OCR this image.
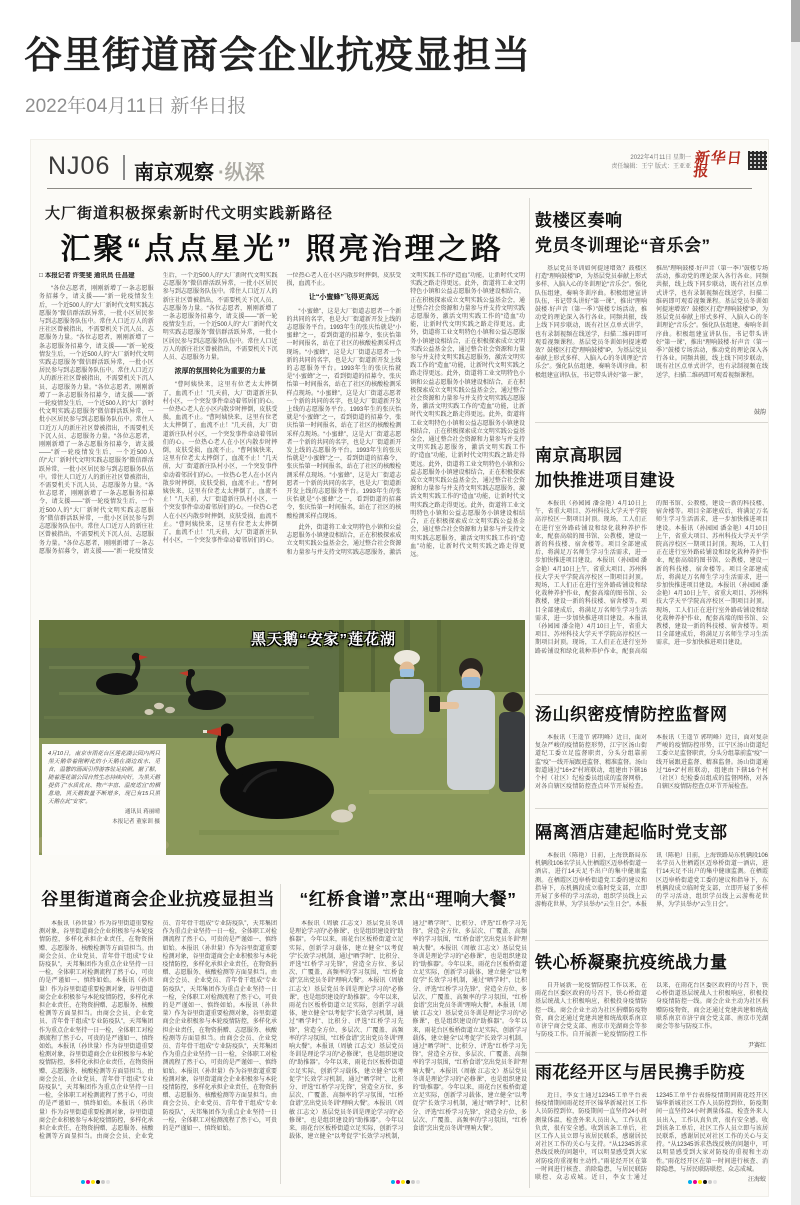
谷里街道商会企业抗疫显担当
2022年04月11日 新华日报
NJ06 南京观察 ·纵深
2022年4月11日 星期一
责任编辑：王宁 版式：王亚亚 新华日报
大厂街道积极探索新时代文明实践新路径
汇聚“点点星光” 照亮治理之路
□ 本报记者 许雯斐 通讯员 任昌建

“各位志愿者，刚刚新增了一条志愿服务招募令，请支援——”新一轮疫情发生后，一个近500人的“大厂新时代文明实践志愿服务”微信群活跃异常，一批小区居民参与到志愿服务队伍中。常住人口近万人的新庄社区曾被指出，不需要机关下沉人员、志愿服务力量。“各位志愿者，刚刚新增了一条志愿服务招募令，请支援——”新一轮疫情发生后，一个近500人的“大厂新时代文明实践志愿服务”微信群活跃异常，一批小区居民参与到志愿服务队伍中。常住人口近万人的新庄社区曾被指出，不需要机关下沉人员、志愿服务力量。“各位志愿者，刚刚新增了一条志愿服务招募令，请支援——”新一轮疫情发生后，一个近500人的“大厂新时代文明实践志愿服务”微信群活跃异常，一批小区居民参与到志愿服务队伍中。常住人口近万人的新庄社区曾被指出，不需要机关下沉人员、志愿服务力量。“各位志愿者，刚刚新增了一条志愿服务招募令，请支援——”新一轮疫情发生后，一个近500人的“大厂新时代文明实践志愿服务”微信群活跃异常，一批小区居民参与到志愿服务队伍中。常住人口近万人的新庄社区曾被指出，不需要机关下沉人员、志愿服务力量。“各位志愿者，刚刚新增了一条志愿服务招募令，请支援——”新一轮疫情发生后，一个近500人的“大厂新时代文明实践志愿服务”微信群活跃异常，一批小区居民参与到志愿服务队伍中。常住人口近万人的新庄社区曾被指出，不需要机关下沉人员、志愿服务力量。“各位志愿者，刚刚新增了一条志愿服务招募令，请支援——”新一轮疫情发生后，一个近500人的“大厂新时代文明实践志愿服务”微信群活跃异常，一批小区居民参与到志愿服务队伍中。常住人口近万人的新庄社区曾被指出，不需要机关下沉人员、志愿服务力量。“各位志愿者，刚刚新增了一条志愿服务招募令，请支援——”新一轮疫情发生后，一个近500人的“大厂新时代文明实践志愿服务”微信群活跃异常，一批小区居民参与到志愿服务队伍中。常住人口近万人的新庄社区曾被指出，不需要机关下沉人员、志愿服务力量。

浓厚的氛围转化为重要的力量

“曹阿姨快来，这里有位老太太摔倒了，血流不止！”几天前，大厂街道新庄队村小区，一个突发事件牵动着邻居们的心。一位热心老人在小区内散步时摔倒，皮肤受损，血流不止。“曹阿姨快来，这里有位老太太摔倒了，血流不止！”几天前，大厂街道新庄队村小区，一个突发事件牵动着邻居们的心。一位热心老人在小区内散步时摔倒，皮肤受损，血流不止。“曹阿姨快来，这里有位老太太摔倒了，血流不止！”几天前，大厂街道新庄队村小区，一个突发事件牵动着邻居们的心。一位热心老人在小区内散步时摔倒，皮肤受损，血流不止。“曹阿姨快来，这里有位老太太摔倒了，血流不止！”几天前，大厂街道新庄队村小区，一个突发事件牵动着邻居们的心。一位热心老人在小区内散步时摔倒，皮肤受损，血流不止。“曹阿姨快来，这里有位老太太摔倒了，血流不止！”几天前，大厂街道新庄队村小区，一个突发事件牵动着邻居们的心。一位热心老人在小区内散步时摔倒，皮肤受损，血流不止。

让“小蜜蜂”飞得更高远

“小蜜蜂”，这是大厂街道志愿者一个新的共同的名字，也是大厂街道新开发上线的志愿服务平台。1993年生的张庆怡就是“小蜜蜂”之一，看到街道的招募令，张庆怡第一时间报名，站在了社区的核酸检测采样点现场。“小蜜蜂”，这是大厂街道志愿者一个新的共同的名字，也是大厂街道新开发上线的志愿服务平台。1993年生的张庆怡就是“小蜜蜂”之一，看到街道的招募令，张庆怡第一时间报名，站在了社区的核酸检测采样点现场。“小蜜蜂”，这是大厂街道志愿者一个新的共同的名字，也是大厂街道新开发上线的志愿服务平台。1993年生的张庆怡就是“小蜜蜂”之一，看到街道的招募令，张庆怡第一时间报名，站在了社区的核酸检测采样点现场。“小蜜蜂”，这是大厂街道志愿者一个新的共同的名字，也是大厂街道新开发上线的志愿服务平台。1993年生的张庆怡就是“小蜜蜂”之一，看到街道的招募令，张庆怡第一时间报名，站在了社区的核酸检测采样点现场。“小蜜蜂”，这是大厂街道志愿者一个新的共同的名字，也是大厂街道新开发上线的志愿服务平台。1993年生的张庆怡就是“小蜜蜂”之一，看到街道的招募令，张庆怡第一时间报名，站在了社区的核酸检测采样点现场。

此外，街道将工业文明特色小镇和公益志愿服务小镇建设相结合，正在积极探索成立文明实践公益基金会，通过整合社会资源和力量参与并支持文明实践志愿服务，激活文明实践工作的“造血”功能，让新时代文明实践之路走得更远。此外，街道将工业文明特色小镇和公益志愿服务小镇建设相结合，正在积极探索成立文明实践公益基金会，通过整合社会资源和力量参与并支持文明实践志愿服务，激活文明实践工作的“造血”功能，让新时代文明实践之路走得更远。此外，街道将工业文明特色小镇和公益志愿服务小镇建设相结合，正在积极探索成立文明实践公益基金会，通过整合社会资源和力量参与并支持文明实践志愿服务，激活文明实践工作的“造血”功能，让新时代文明实践之路走得更远。此外，街道将工业文明特色小镇和公益志愿服务小镇建设相结合，正在积极探索成立文明实践公益基金会，通过整合社会资源和力量参与并支持文明实践志愿服务，激活文明实践工作的“造血”功能，让新时代文明实践之路走得更远。此外，街道将工业文明特色小镇和公益志愿服务小镇建设相结合，正在积极探索成立文明实践公益基金会，通过整合社会资源和力量参与并支持文明实践志愿服务，激活文明实践工作的“造血”功能，让新时代文明实践之路走得更远。此外，街道将工业文明特色小镇和公益志愿服务小镇建设相结合，正在积极探索成立文明实践公益基金会，通过整合社会资源和力量参与并支持文明实践志愿服务，激活文明实践工作的“造血”功能，让新时代文明实践之路走得更远。此外，街道将工业文明特色小镇和公益志愿服务小镇建设相结合，正在积极探索成立文明实践公益基金会，通过整合社会资源和力量参与并支持文明实践志愿服务，激活文明实践工作的“造血”功能，让新时代文明实践之路走得更远。

黑天鹅“安家”莲花湖
4月10日，南京市雨花台区莲花湖公园内两只黑天鹅带着刚孵化的小天鹅在湖边戏水、觅食，温馨的画面引得游客驻足拍照。据了解，随着莲花湖公园自然生态持续向好，为黑天鹅提供了“水质优良、物产丰富、温度适宜”的栖息地，黑天鹅数量不断增多，现已有15只黑天鹅在此“安家”。
通讯员 蒋丽晴
本报记者 董家训 摄
谷里街道商会企业抗疫显担当
本报讯（孙世量）作为谷里街道重要检测对象，谷里街道商会企业积极参与本轮疫情防控，多样化承担企业责任，在物资捐赠、志愿服务、核酸检测等方面显担当。由商会会员、企业党员、青年骨干组成“专业防疫队”，天邦集团作为重点企业坚持一日一检，全体职工对检测流程了然于心，可贵的是严谨如一、慎终如始。本报讯（孙世量）作为谷里街道重要检测对象，谷里街道商会企业积极参与本轮疫情防控，多样化承担企业责任，在物资捐赠、志愿服务、核酸检测等方面显担当。由商会会员、企业党员、青年骨干组成“专业防疫队”，天邦集团作为重点企业坚持一日一检，全体职工对检测流程了然于心，可贵的是严谨如一、慎终如始。本报讯（孙世量）作为谷里街道重要检测对象，谷里街道商会企业积极参与本轮疫情防控，多样化承担企业责任，在物资捐赠、志愿服务、核酸检测等方面显担当。由商会会员、企业党员、青年骨干组成“专业防疫队”，天邦集团作为重点企业坚持一日一检，全体职工对检测流程了然于心，可贵的是严谨如一、慎终如始。本报讯（孙世量）作为谷里街道重要检测对象，谷里街道商会企业积极参与本轮疫情防控，多样化承担企业责任，在物资捐赠、志愿服务、核酸检测等方面显担当。由商会会员、企业党员、青年骨干组成“专业防疫队”，天邦集团作为重点企业坚持一日一检，全体职工对检测流程了然于心，可贵的是严谨如一、慎终如始。本报讯（孙世量）作为谷里街道重要检测对象，谷里街道商会企业积极参与本轮疫情防控，多样化承担企业责任，在物资捐赠、志愿服务、核酸检测等方面显担当。由商会会员、企业党员、青年骨干组成“专业防疫队”，天邦集团作为重点企业坚持一日一检，全体职工对检测流程了然于心，可贵的是严谨如一、慎终如始。本报讯（孙世量）作为谷里街道重要检测对象，谷里街道商会企业积极参与本轮疫情防控，多样化承担企业责任，在物资捐赠、志愿服务、核酸检测等方面显担当。由商会会员、企业党员、青年骨干组成“专业防疫队”，天邦集团作为重点企业坚持一日一检，全体职工对检测流程了然于心，可贵的是严谨如一、慎终如始。本报讯（孙世量）作为谷里街道重要检测对象，谷里街道商会企业积极参与本轮疫情防控，多样化承担企业责任，在物资捐赠、志愿服务、核酸检测等方面显担当。由商会会员、企业党员、青年骨干组成“专业防疫队”，天邦集团作为重点企业坚持一日一检，全体职工对检测流程了然于心，可贵的是严谨如一、慎终如始。
“红桥食谱”烹出“理响大餐”
本报讯（周敏 江志文）基层党员冬训是理论学习的“必修课”，也是组织建设的“助推器”。今年以来，雨花台区板桥街道立足实际，创新学习载体，建立健全“以考促学”长效学习机制，通过“晒学时”、比积分、评选“红桥学习先锋”，营造全方位、多层次、广覆盖、高频率的学习氛围，“红桥食谱”烹出党员冬训“理响大餐”。本报讯（周敏 江志文）基层党员冬训是理论学习的“必修课”，也是组织建设的“助推器”。今年以来，雨花台区板桥街道立足实际，创新学习载体，建立健全“以考促学”长效学习机制，通过“晒学时”、比积分、评选“红桥学习先锋”，营造全方位、多层次、广覆盖、高频率的学习氛围，“红桥食谱”烹出党员冬训“理响大餐”。本报讯（周敏 江志文）基层党员冬训是理论学习的“必修课”，也是组织建设的“助推器”。今年以来，雨花台区板桥街道立足实际，创新学习载体，建立健全“以考促学”长效学习机制，通过“晒学时”、比积分、评选“红桥学习先锋”，营造全方位、多层次、广覆盖、高频率的学习氛围，“红桥食谱”烹出党员冬训“理响大餐”。本报讯（周敏 江志文）基层党员冬训是理论学习的“必修课”，也是组织建设的“助推器”。今年以来，雨花台区板桥街道立足实际，创新学习载体，建立健全“以考促学”长效学习机制，通过“晒学时”、比积分、评选“红桥学习先锋”，营造全方位、多层次、广覆盖、高频率的学习氛围，“红桥食谱”烹出党员冬训“理响大餐”。本报讯（周敏 江志文）基层党员冬训是理论学习的“必修课”，也是组织建设的“助推器”。今年以来，雨花台区板桥街道立足实际，创新学习载体，建立健全“以考促学”长效学习机制，通过“晒学时”、比积分、评选“红桥学习先锋”，营造全方位、多层次、广覆盖、高频率的学习氛围，“红桥食谱”烹出党员冬训“理响大餐”。本报讯（周敏 江志文）基层党员冬训是理论学习的“必修课”，也是组织建设的“助推器”。今年以来，雨花台区板桥街道立足实际，创新学习载体，建立健全“以考促学”长效学习机制，通过“晒学时”、比积分、评选“红桥学习先锋”，营造全方位、多层次、广覆盖、高频率的学习氛围，“红桥食谱”烹出党员冬训“理响大餐”。本报讯（周敏 江志文）基层党员冬训是理论学习的“必修课”，也是组织建设的“助推器”。今年以来，雨花台区板桥街道立足实际，创新学习载体，建立健全“以考促学”长效学习机制，通过“晒学时”、比积分、评选“红桥学习先锋”，营造全方位、多层次、广覆盖、高频率的学习氛围，“红桥食谱”烹出党员冬训“理响大餐”。
鼓楼区奏响
党员冬训理论“音乐会”
基层党员冬训如何提速增效？鼓楼区打造“理响鼓楼”IP，为基层党员奉献上形式多样、入脑入心的冬训理论“音乐会”。强化队伍组建，奏响冬训序曲。积极组建宣讲队伍，书记带头讲好“第一课”，推出“理响鼓楼·好声音（第一季）”鼓楼专场活动，推动党的理论深入各行各业。同频共振，线上线下同步联动，既有社区点单式讲学，也有录制视频在线送学，扫描二维码即可观看视频课程。基层党员冬训如何提速增效？鼓楼区打造“理响鼓楼”IP，为基层党员奉献上形式多样、入脑入心的冬训理论“音乐会”。强化队伍组建，奏响冬训序曲。积极组建宣讲队伍，书记带头讲好“第一课”，推出“理响鼓楼·好声音（第一季）”鼓楼专场活动，推动党的理论深入各行各业。同频共振，线上线下同步联动，既有社区点单式讲学，也有录制视频在线送学，扫描二维码即可观看视频课程。基层党员冬训如何提速增效？鼓楼区打造“理响鼓楼”IP，为基层党员奉献上形式多样、入脑入心的冬训理论“音乐会”。强化队伍组建，奏响冬训序曲。积极组建宣讲队伍，书记带头讲好“第一课”，推出“理响鼓楼·好声音（第一季）”鼓楼专场活动，推动党的理论深入各行各业。同频共振，线上线下同步联动，既有社区点单式讲学，也有录制视频在线送学，扫描二维码即可观看视频课程。
鼓韵
南京高职园
加快推进项目建设
本报讯（孙园园 潘金艳）4月10日上午，省重大项目、苏州科技大学天平学院高淳校区一期项目封顶。现场，工人们正在进行室外路砖铺设和绿化栽种养护作业，配套高端的图书馆、公教楼，建设一新的科技楼、宿舍楼等。项目全部建成后，将满足万名师生学习生活需求，进一步加快推进项目建设。本报讯（孙园园 潘金艳）4月10日上午，省重大项目、苏州科技大学天平学院高淳校区一期项目封顶。现场，工人们正在进行室外路砖铺设和绿化栽种养护作业，配套高端的图书馆、公教楼，建设一新的科技楼、宿舍楼等。项目全部建成后，将满足万名师生学习生活需求，进一步加快推进项目建设。本报讯（孙园园 潘金艳）4月10日上午，省重大项目、苏州科技大学天平学院高淳校区一期项目封顶。现场，工人们正在进行室外路砖铺设和绿化栽种养护作业，配套高端的图书馆、公教楼，建设一新的科技楼、宿舍楼等。项目全部建成后，将满足万名师生学习生活需求，进一步加快推进项目建设。本报讯（孙园园 潘金艳）4月10日上午，省重大项目、苏州科技大学天平学院高淳校区一期项目封顶。现场，工人们正在进行室外路砖铺设和绿化栽种养护作业，配套高端的图书馆、公教楼，建设一新的科技楼、宿舍楼等。项目全部建成后，将满足万名师生学习生活需求，进一步加快推进项目建设。本报讯（孙园园 潘金艳）4月10日上午，省重大项目、苏州科技大学天平学院高淳校区一期项目封顶。现场，工人们正在进行室外路砖铺设和绿化栽种养护作业，配套高端的图书馆、公教楼，建设一新的科技楼、宿舍楼等。项目全部建成后，将满足万名师生学习生活需求，进一步加快推进项目建设。
汤山织密疫情防控监督网
本报讯（王遥节 郭明峰）近日，面对复杂严峻的疫情防控形势，江宁区汤山街道纪工委立足监督职责，分头分组靠前监“疫”一线开展跟进监督、精准监督。汤山街道通过“16+2”村班联动，组建由下辖16个村（社区）纪检委员组成的监督网格，对各自辖区疫情防控查点环节开展检查。本报讯（王遥节 郭明峰）近日，面对复杂严峻的疫情防控形势，江宁区汤山街道纪工委立足监督职责，分头分组靠前监“疫”一线开展跟进监督、精准监督。汤山街道通过“16+2”村班联动，组建由下辖16个村（社区）纪检委员组成的监督网格，对各自辖区疫情防控查点环节开展检查。
隔离酒店建起临时党支部
本报讯（陈艳）日前，上海铁路局东机辆段106名学员入住栖霞区迈皋桥街道一酒店，进行14天足不出户的集中健康监测。在栖霞区迈皋桥街道党工委的建议和指导下，东机辆段成立临时党支部，立即开展了多样的学习活动，组织学员线上云游梅花世界，为学员举办“云生日会”。本报讯（陈艳）日前，上海铁路局东机辆段106名学员入住栖霞区迈皋桥街道一酒店，进行14天足不出户的集中健康监测。在栖霞区迈皋桥街道党工委的建议和指导下，东机辆段成立临时党支部，立即开展了多样的学习活动，组织学员线上云游梅花世界，为学员举办“云生日会”。
铁心桥凝聚抗疫统战力量
自开展新一轮疫情防控工作以来，在雨花台区委区政府的号召下，铁心桥街道基层统战人士积极响应，积极投身疫情防控一线。商会企业主动为社区捐赠防疫物资，商会还通过党建共建和统战联系南京市济宁商会党支部、南京市芜湖商会等参与防疫工作。自开展新一轮疫情防控工作以来，在雨花台区委区政府的号召下，铁心桥街道基层统战人士积极响应，积极投身疫情防控一线。商会企业主动为社区捐赠防疫物资，商会还通过党建共建和统战联系南京市济宁商会党支部、南京市芜湖商会等参与防疫工作。
尹赛红
雨花经开区与居民携手防疫
近日，李女士通过12345工单平台表扬疫情期间雨花经开区锦华新城社区工作人员防控到位，防疫期间一直坚持24小时测量体温，检查外来人员出入，工作认真负责，很有安全感。收到该条工单后，社区工作人员立即与该居民联系，感谢居民对社区工作的关心与支持。“从12345诉求热线反映的问题中，可以明显感受到大家对防疫的重视和主动性。”雨花经开区在第一时间进行核查、消除隐患，与居民联防联控、众志成城。近日，李女士通过12345工单平台表扬疫情期间雨花经开区锦华新城社区工作人员防控到位，防疫期间一直坚持24小时测量体温，检查外来人员出入，工作认真负责，很有安全感。收到该条工单后，社区工作人员立即与该居民联系，感谢居民对社区工作的关心与支持。“从12345诉求热线反映的问题中，可以明显感受到大家对防疫的重视和主动性。”雨花经开区在第一时间进行核查、消除隐患，与居民联防联控、众志成城。
汪海蛟
